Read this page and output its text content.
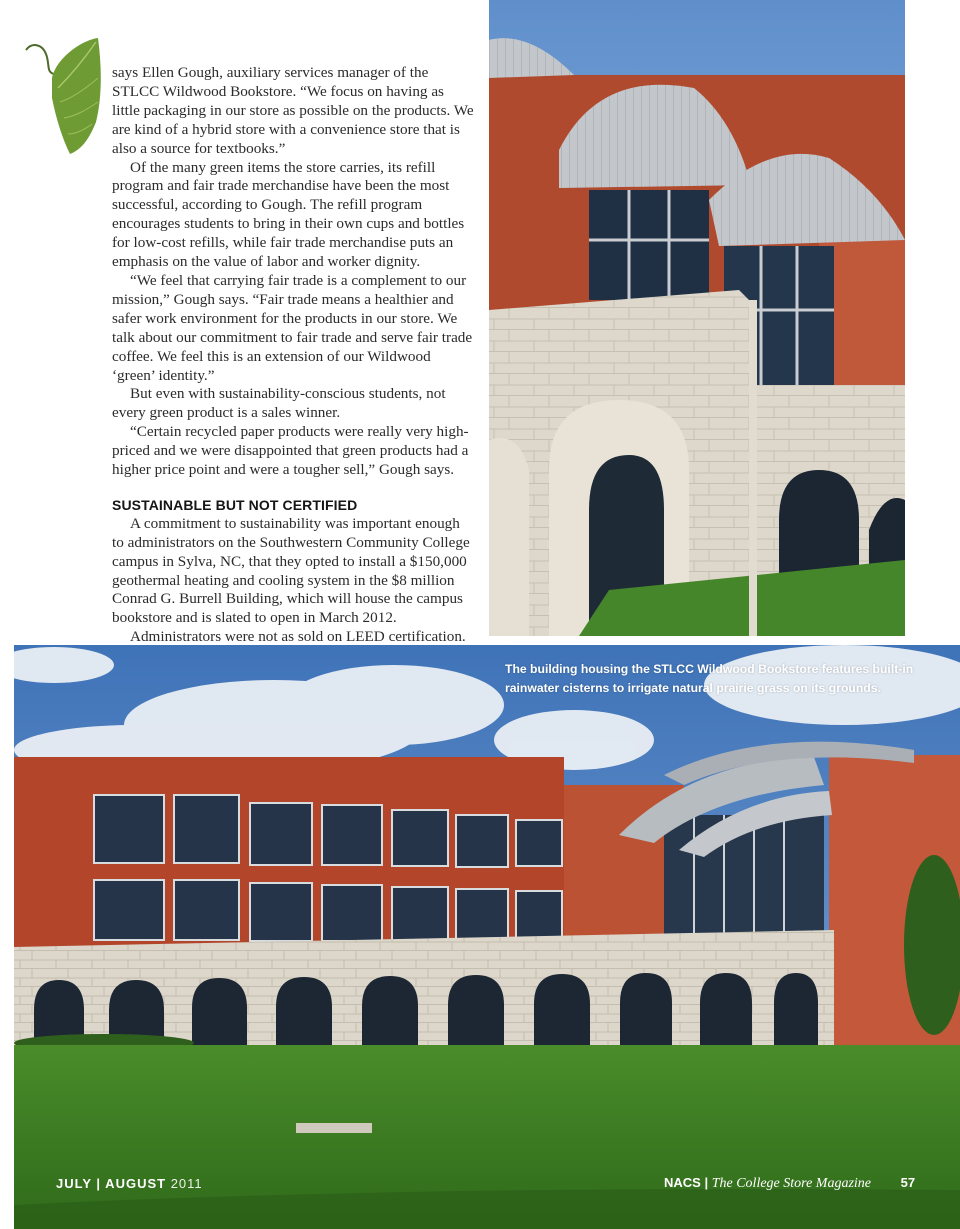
says Ellen Gough, auxiliary services manager of the STLCC Wildwood Bookstore. “We focus on having as little packaging in our store as possible on the products. We are kind of a hybrid store with a convenience store that is also a source for textbooks.”

Of the many green items the store carries, its refill program and fair trade merchandise have been the most successful, according to Gough. The refill program encourages students to bring in their own cups and bottles for low-cost refills, while fair trade merchandise puts an emphasis on the value of labor and worker dignity.

“We feel that carrying fair trade is a complement to our mission,” Gough says. “Fair trade means a healthier and safer work environment for the products in our store. We talk about our commitment to fair trade and serve fair trade coffee. We feel this is an extension of our Wildwood ‘green’ identity.”

But even with sustainability-conscious students, not every green product is a sales winner.

“Certain recycled paper products were really very high-priced and we were disappointed that green products had a higher price point and were a tougher sell,” Gough says.

SUSTAINABLE BUT NOT CERTIFIED

A commitment to sustainability was important enough to administrators on the Southwestern Community College campus in Sylva, NC, that they opted to install a $150,000 geothermal heating and cooling system in the $8 million Conrad G. Burrell Building, which will house the campus bookstore and is slated to open in March 2012.

Administrators were not as sold on LEED certification.

The building housing the STLCC Wildwood Bookstore features built-in rainwater cisterns to irrigate natural prairie grass on its grounds.
JULY | AUGUST 2011	NACS | The College Store Magazine 57
